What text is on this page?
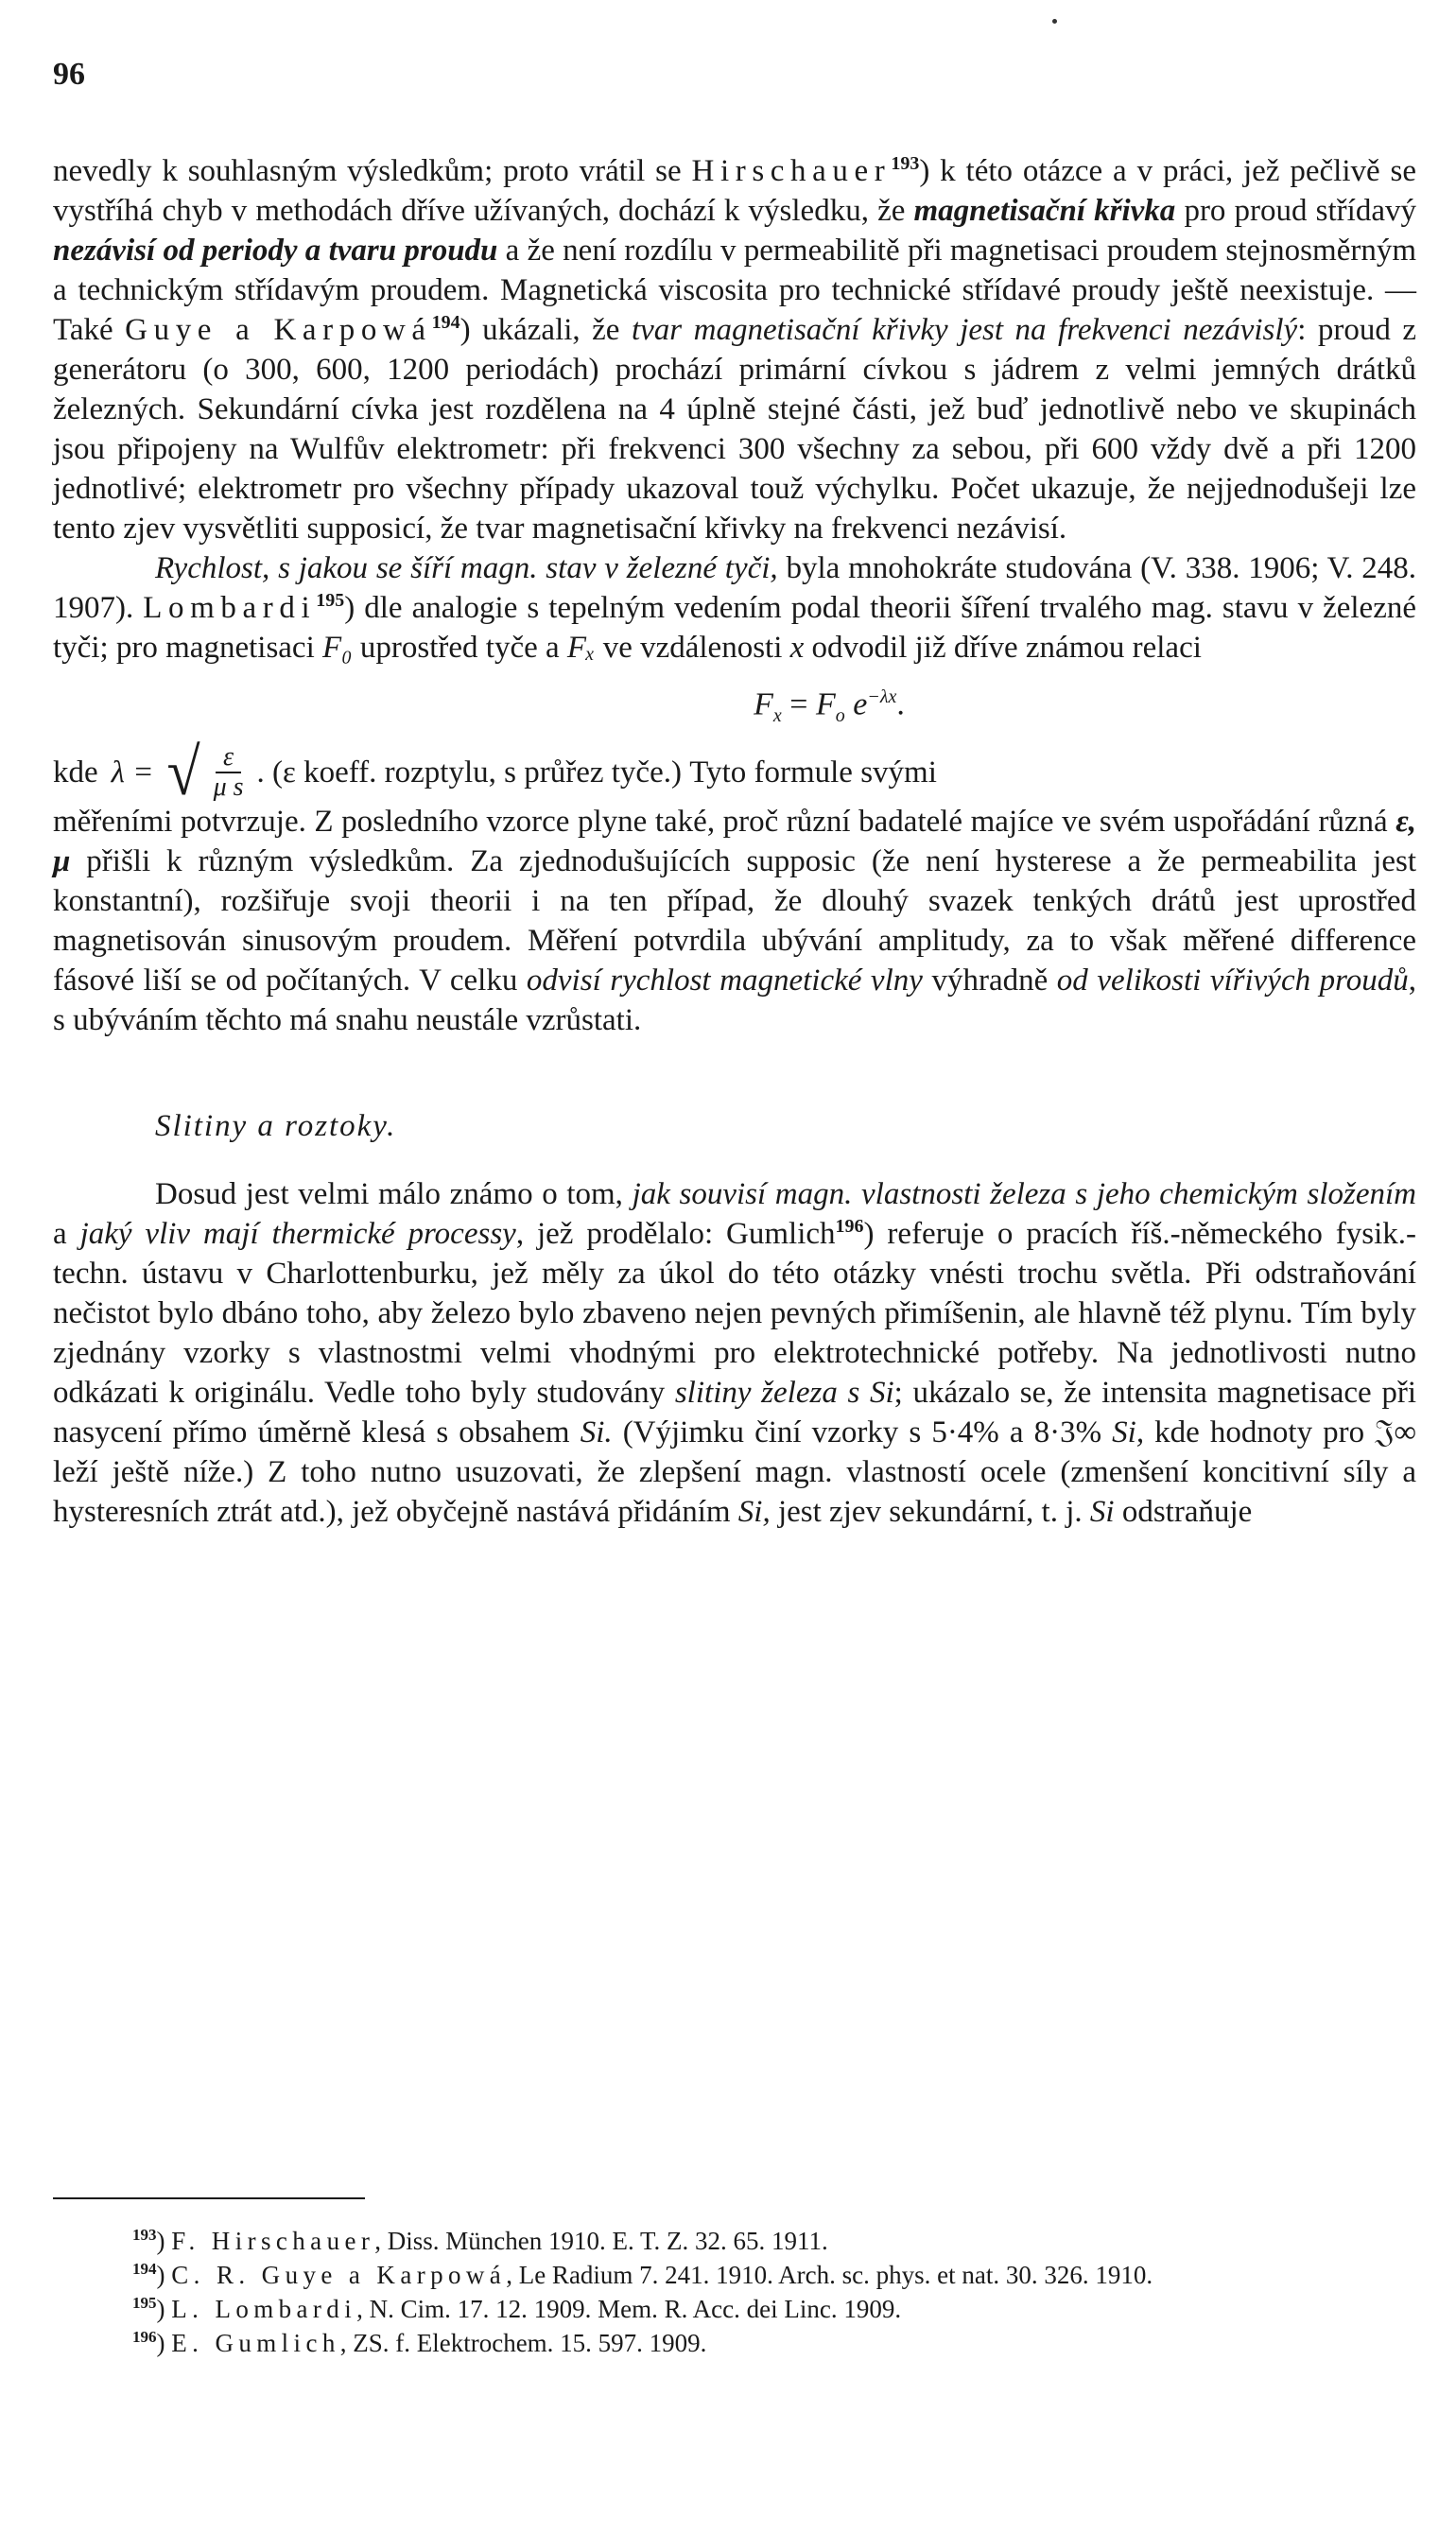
96

nevedly k souhlasným výsledkům; proto vrátil se Hirschauer$^{193}$) k této otázce a v práci, jež pečlivě se vystříhá chyb v methodách dříve užívaných, dochází k výsledku, že magnetisační křivka pro proud střídavý nezávisí od periody a tvaru proudu a že není rozdílu v permeabilitě při magnetisaci proudem stejnosměrným a technickým střídavým proudem. Magnetická viscosita pro technické střídavé proudy ještě neexistuje. — Také Guye a Karpowá$^{194}$) ukázali, že tvar magnetisační křivky jest na frekvenci nezávislý: proud z generátoru (o 300, 600, 1200 periodách) prochází primární cívkou s jádrem z velmi jemných drátků železných. Sekundární cívka jest rozdělena na 4 úplně stejné části, jež buď jednotlivě nebo ve skupinách jsou připojeny na Wulfův elektrometr: při frekvenci 300 všechny za sebou, při 600 vždy dvě a při 1200 jednotlivé; elektrometr pro všechny případy ukazoval touž výchylku. Počet ukazuje, že nejjednodušeji lze tento zjev vysvětliti supposicí, že tvar magnetisační křivky na frekvenci nezávisí.

Rychlost, s jakou se šíří magn. stav v železné tyči, byla mnohokráte studována (V. 338. 1906; V. 248. 1907). Lombardi$^{195}$) dle analogie s tepelným vedením podal theorii šíření trvalého mag. stavu v železné tyči; pro magnetisaci F₀ uprostřed tyče a Fₓ ve vzdálenosti x odvodil již dříve známou relaci

$F_x = F_o$ $e^{-\lambda x}$.
kde λ = √ $\frac{\varepsilon}{\text{μ s}}$ . (ε koeff. rozptylu, s průřez tyče.) Tyto formule svými

měřeními potvrzuje. Z posledního vzorce plyne také, proč různí badatelé majíce ve svém uspořádání různá ε, μ přišli k různým výsledkům. Za zjednodušujících supposic (že není hysterese a že permeabilita jest konstantní), rozšiřuje svoji theorii i na ten případ, že dlouhý svazek tenkých drátů jest uprostřed magnetisován sinusovým proudem. Měření potvrdila ubývání amplitudy, za to však měřené difference fásové liší se od počítaných. V celku odvisí rychlost magnetické vlny výhradně od velikosti vířivých proudů, s ubýváním těchto má snahu neustále vzrůstati.

Slitiny a roztoky.

Dosud jest velmi málo známo o tom, jak souvisí magn. vlastnosti železa s jeho chemickým složením a jaký vliv mají thermické processy, jež prodělalo: Gumlich$^{196}$) referuje o pracích říš.-německého fysik.-techn. ústavu v Charlottenburku, jež měly za úkol do této otázky vnésti trochu světla. Při odstraňování nečistot bylo dbáno toho, aby železo bylo zbaveno nejen pevných přimíšenin, ale hlavně též plynu. Tím byly zjednány vzorky s vlastnostmi velmi vhodnými pro elektrotechnické potřeby. Na jednotlivosti nutno odkázati k originálu. Vedle toho byly studovány slitiny železa s Si; ukázalo se, že intensita magnetisace při nasycení přímo úměrně klesá s obsahem Si. (Výjimku činí vzorky s 5·4% a 8·3% Si, kde hodnoty pro 𝔍∞ leží ještě níže.) Z toho nutno usuzovati, že zlepšení magn. vlastností ocele (zmenšení koncitivní síly a hysteresních ztrát atd.), jež obyčejně nastává přidáním Si, jest zjev sekundární, t. j. Si odstraňuje

$^{193}$) F. Hirschauer, Diss. München 1910. E. T. Z. 32. 65. 1911.

$^{194}$) C. R. Guye a Karpowá, Le Radium 7. 241. 1910. Arch. sc. phys. et nat. 30. 326. 1910.

$^{195}$) L. Lombardi, N. Cim. 17. 12. 1909. Mem. R. Acc. dei Linc. 1909.

$^{196}$) E. Gumlich, ZS. f. Elektrochem. 15. 597. 1909.
